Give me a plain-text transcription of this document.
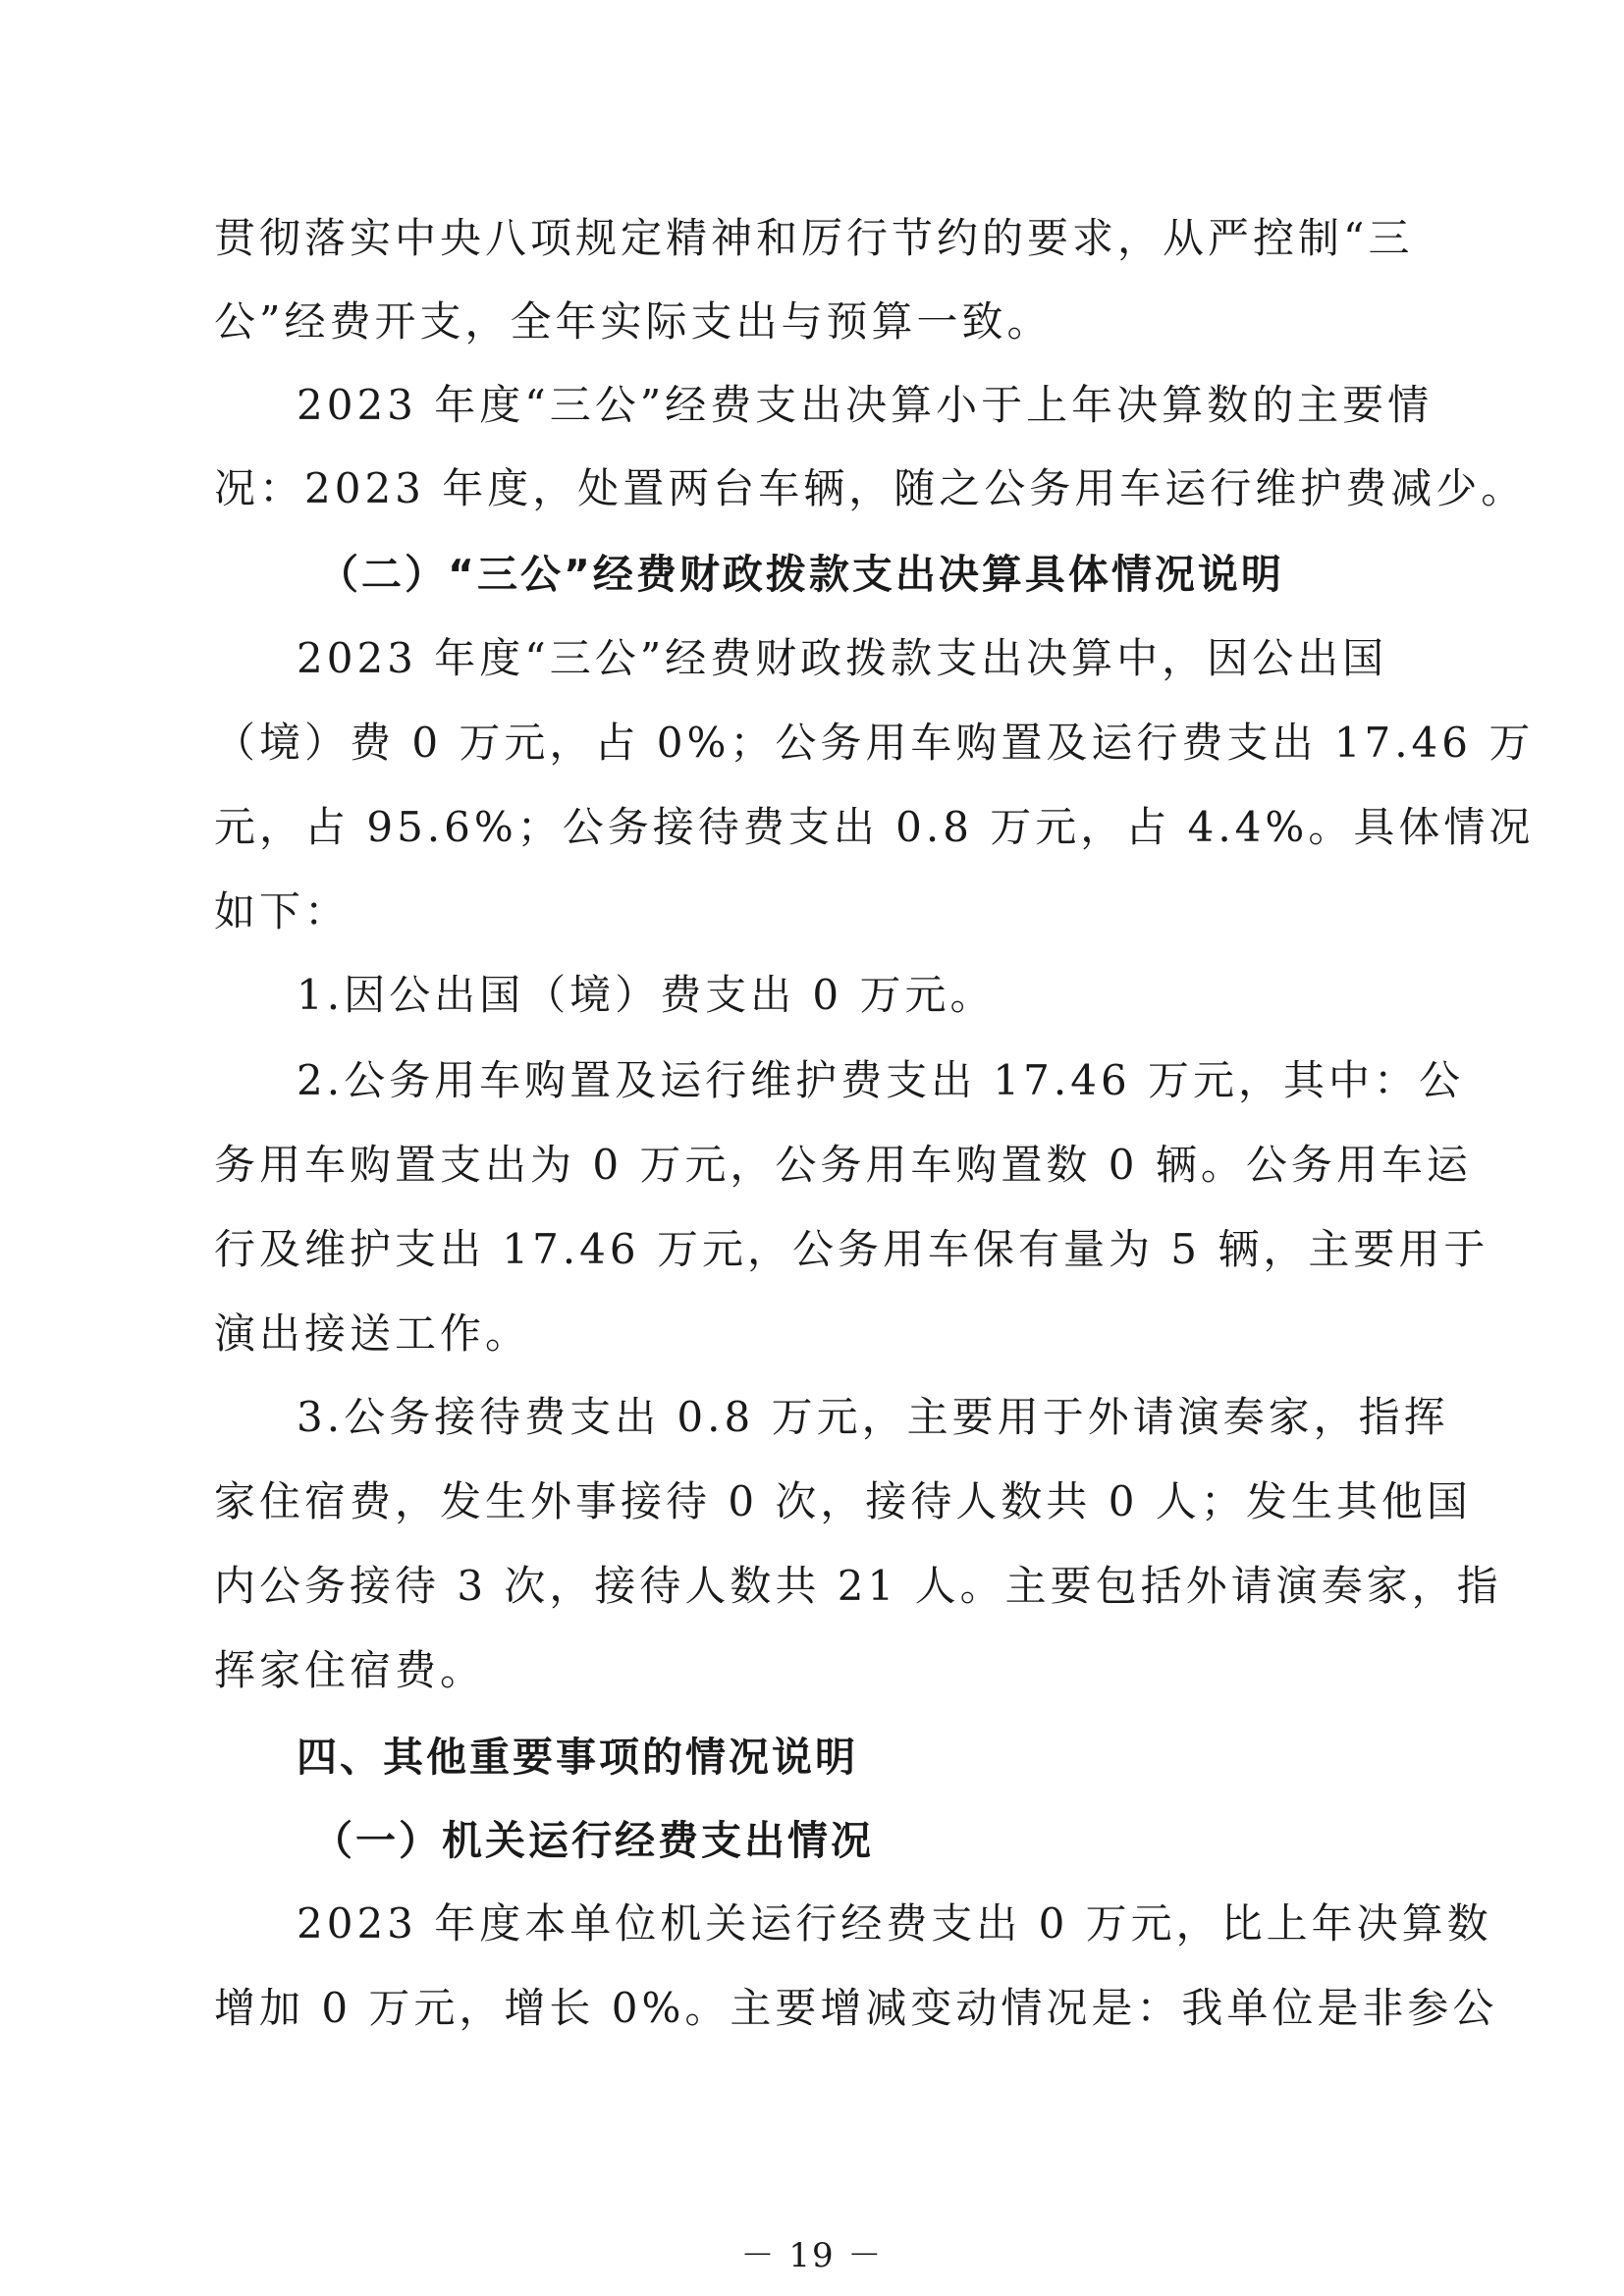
贯彻落实中央八项规定精神和厉行节约的要求，从严控制“三
公”经费开支，全年实际支出与预算一致。
2023 年度“三公”经费支出决算小于上年决算数的主要情
况：2023 年度，处置两台车辆，随之公务用车运行维护费减少。
（二）“三公”经费财政拨款支出决算具体情况说明
2023 年度“三公”经费财政拨款支出决算中，因公出国
（境）费 0 万元，占 0%；公务用车购置及运行费支出 17.46 万
元，占 95.6%；公务接待费支出 0.8 万元，占 4.4%。具体情况
如下：
1.因公出国（境）费支出 0 万元。
2.公务用车购置及运行维护费支出 17.46 万元，其中：公
务用车购置支出为 0 万元，公务用车购置数 0 辆。公务用车运
行及维护支出 17.46 万元，公务用车保有量为 5 辆，主要用于
演出接送工作。
3.公务接待费支出 0.8 万元，主要用于外请演奏家，指挥
家住宿费，发生外事接待 0 次，接待人数共 0 人；发生其他国
内公务接待 3 次，接待人数共 21 人。主要包括外请演奏家，指
挥家住宿费。
四、其他重要事项的情况说明
（一）机关运行经费支出情况
2023 年度本单位机关运行经费支出 0 万元，比上年决算数
增加 0 万元，增长 0%。主要增减变动情况是：我单位是非参公
－ 19 －
